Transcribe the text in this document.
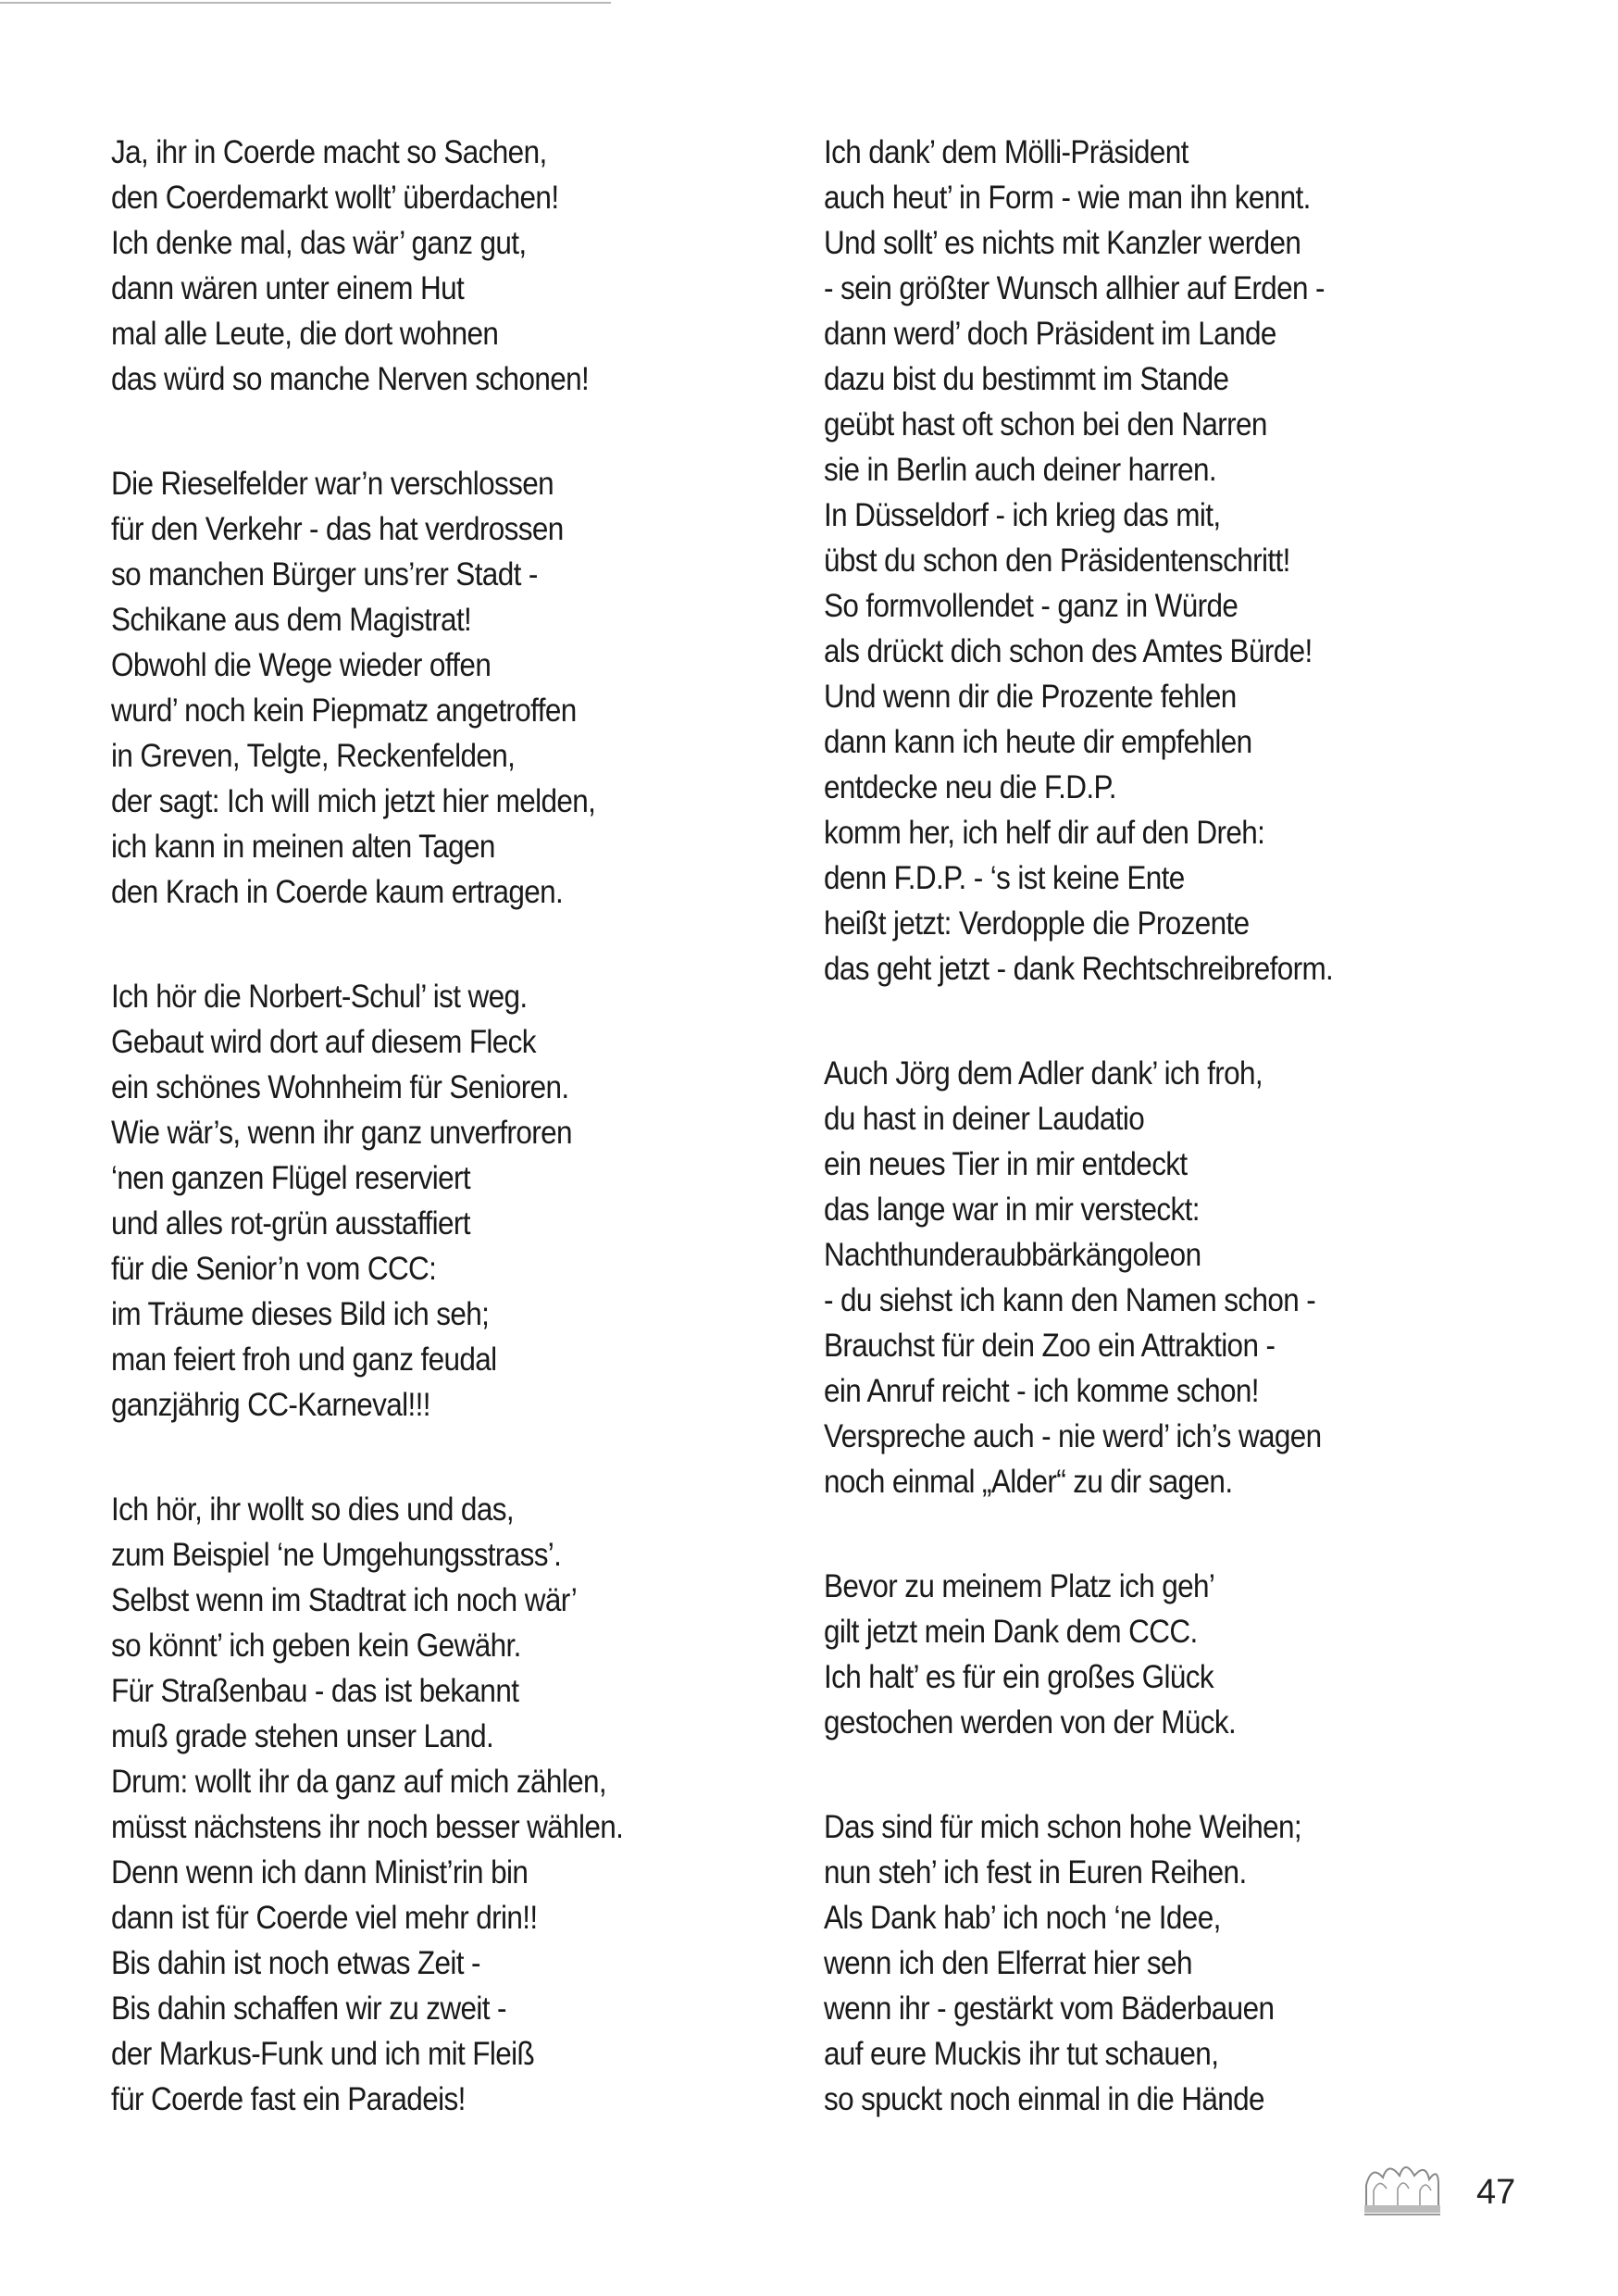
Ja, ihr in Coerde macht so Sachen,
den Coerdemarkt wollt’ überdachen!
Ich denke mal, das wär’ ganz gut,
dann wären unter einem Hut
mal alle Leute, die dort wohnen
das würd so manche Nerven schonen!
Die Rieselfelder war’n verschlossen
für den Verkehr - das hat verdrossen
so manchen Bürger uns’rer Stadt -
Schikane aus dem Magistrat!
Obwohl die Wege wieder offen
wurd’ noch kein Piepmatz angetroffen
in Greven, Telgte, Reckenfelden,
der sagt: Ich will mich jetzt hier melden,
ich kann in meinen alten Tagen
den Krach in Coerde kaum ertragen.
Ich hör die Norbert-Schul’ ist weg.
Gebaut wird dort auf diesem Fleck
ein schönes Wohnheim für Senioren.
Wie wär’s, wenn ihr ganz unverfroren
‘nen ganzen Flügel reserviert
und alles rot-grün ausstaffiert
für die Senior’n vom CCC:
im Träume dieses Bild ich seh;
man feiert froh und ganz feudal
ganzjährig CC-Karneval!!!
Ich hör, ihr wollt so dies und das,
zum Beispiel ‘ne Umgehungsstrass’.
Selbst wenn im Stadtrat ich noch wär’
so könnt’ ich geben kein Gewähr.
Für Straßenbau - das ist bekannt
muß grade stehen unser Land.
Drum: wollt ihr da ganz auf mich zählen,
müsst nächstens ihr noch besser wählen.
Denn wenn ich dann Minist’rin bin
dann ist für Coerde viel mehr drin!!
Bis dahin ist noch etwas Zeit -
Bis dahin schaffen wir zu zweit -
der Markus-Funk und ich mit Fleiß
für Coerde fast ein Paradeis!
Ich dank’ dem Mölli-Präsident
auch heut’ in Form - wie man ihn kennt.
Und sollt’ es nichts mit Kanzler werden
- sein größter Wunsch allhier auf Erden -
dann werd’ doch Präsident im Lande
dazu bist du bestimmt im Stande
geübt hast oft schon bei den Narren
sie in Berlin auch deiner harren.
In Düsseldorf - ich krieg das mit,
übst du schon den Präsidentenschritt!
So formvollendet - ganz in Würde
als drückt dich schon des Amtes Bürde!
Und wenn dir die Prozente fehlen
dann kann ich heute dir empfehlen
entdecke neu die F.D.P.
komm her, ich helf dir auf den Dreh:
denn F.D.P. - ‘s ist keine Ente
heißt jetzt: Verdopple die Prozente
das geht jetzt - dank Rechtschreibreform.
Auch Jörg dem Adler dank’ ich froh,
du hast in deiner Laudatio
ein neues Tier in mir entdeckt
das lange war in mir versteckt:
Nachthunderaubbärkängoleon
- du siehst ich kann den Namen schon -
Brauchst für dein Zoo ein Attraktion -
ein Anruf reicht - ich komme schon!
Verspreche auch - nie werd’ ich’s wagen
noch einmal „Alder“ zu dir sagen.
Bevor zu meinem Platz ich geh’
gilt jetzt mein Dank dem CCC.
Ich halt’ es für ein großes Glück
gestochen werden von der Mück.
Das sind für mich schon hohe Weihen;
nun steh’ ich fest in Euren Reihen.
Als Dank hab’ ich noch ‘ne Idee,
wenn ich den Elferrat hier seh
wenn ihr - gestärkt vom Bäderbauen
auf eure Muckis ihr tut schauen,
so spuckt noch einmal in die Hände
47
